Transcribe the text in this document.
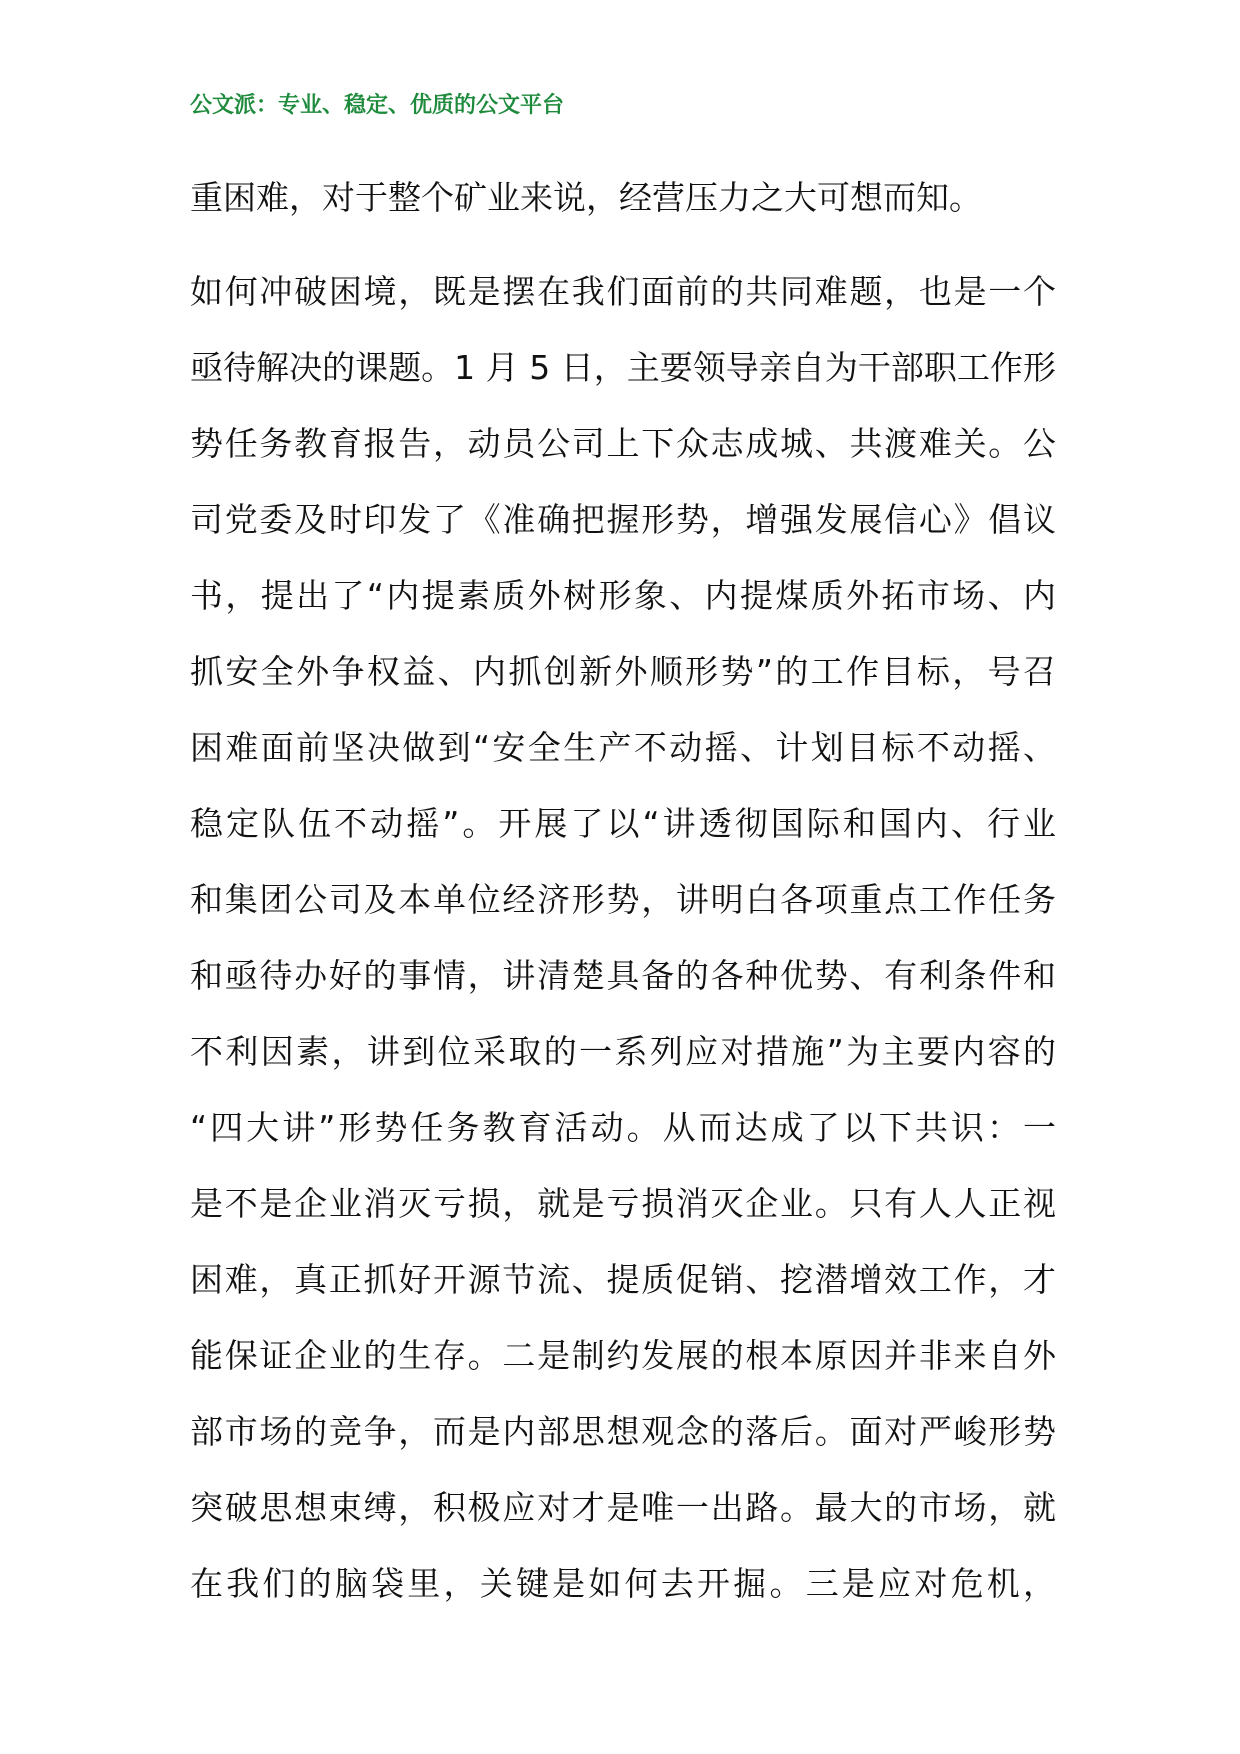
公文派：专业、稳定、优质的公文平台
重困难，对于整个矿业来说，经营压力之大可想而知。
如何冲破困境，既是摆在我们面前的共同难题，也是一个
亟待解决的课题。1 月 5 日，主要领导亲自为干部职工作形
势任务教育报告，动员公司上下众志成城、共渡难关。公
司党委及时印发了《准确把握形势，增强发展信心》倡议
书，提出了“内提素质外树形象、内提煤质外拓市场、内
抓安全外争权益、内抓创新外顺形势”的工作目标，号召
困难面前坚决做到“安全生产不动摇、计划目标不动摇、
稳定队伍不动摇”。开展了以“讲透彻国际和国内、行业
和集团公司及本单位经济形势，讲明白各项重点工作任务
和亟待办好的事情，讲清楚具备的各种优势、有利条件和
不利因素，讲到位采取的一系列应对措施”为主要内容的
“四大讲”形势任务教育活动。从而达成了以下共识：一
是不是企业消灭亏损，就是亏损消灭企业。只有人人正视
困难，真正抓好开源节流、提质促销、挖潜增效工作，才
能保证企业的生存。二是制约发展的根本原因并非来自外
部市场的竞争，而是内部思想观念的落后。面对严峻形势
突破思想束缚，积极应对才是唯一出路。最大的市场，就
在我们的脑袋里，关键是如何去开掘。三是应对危机，
